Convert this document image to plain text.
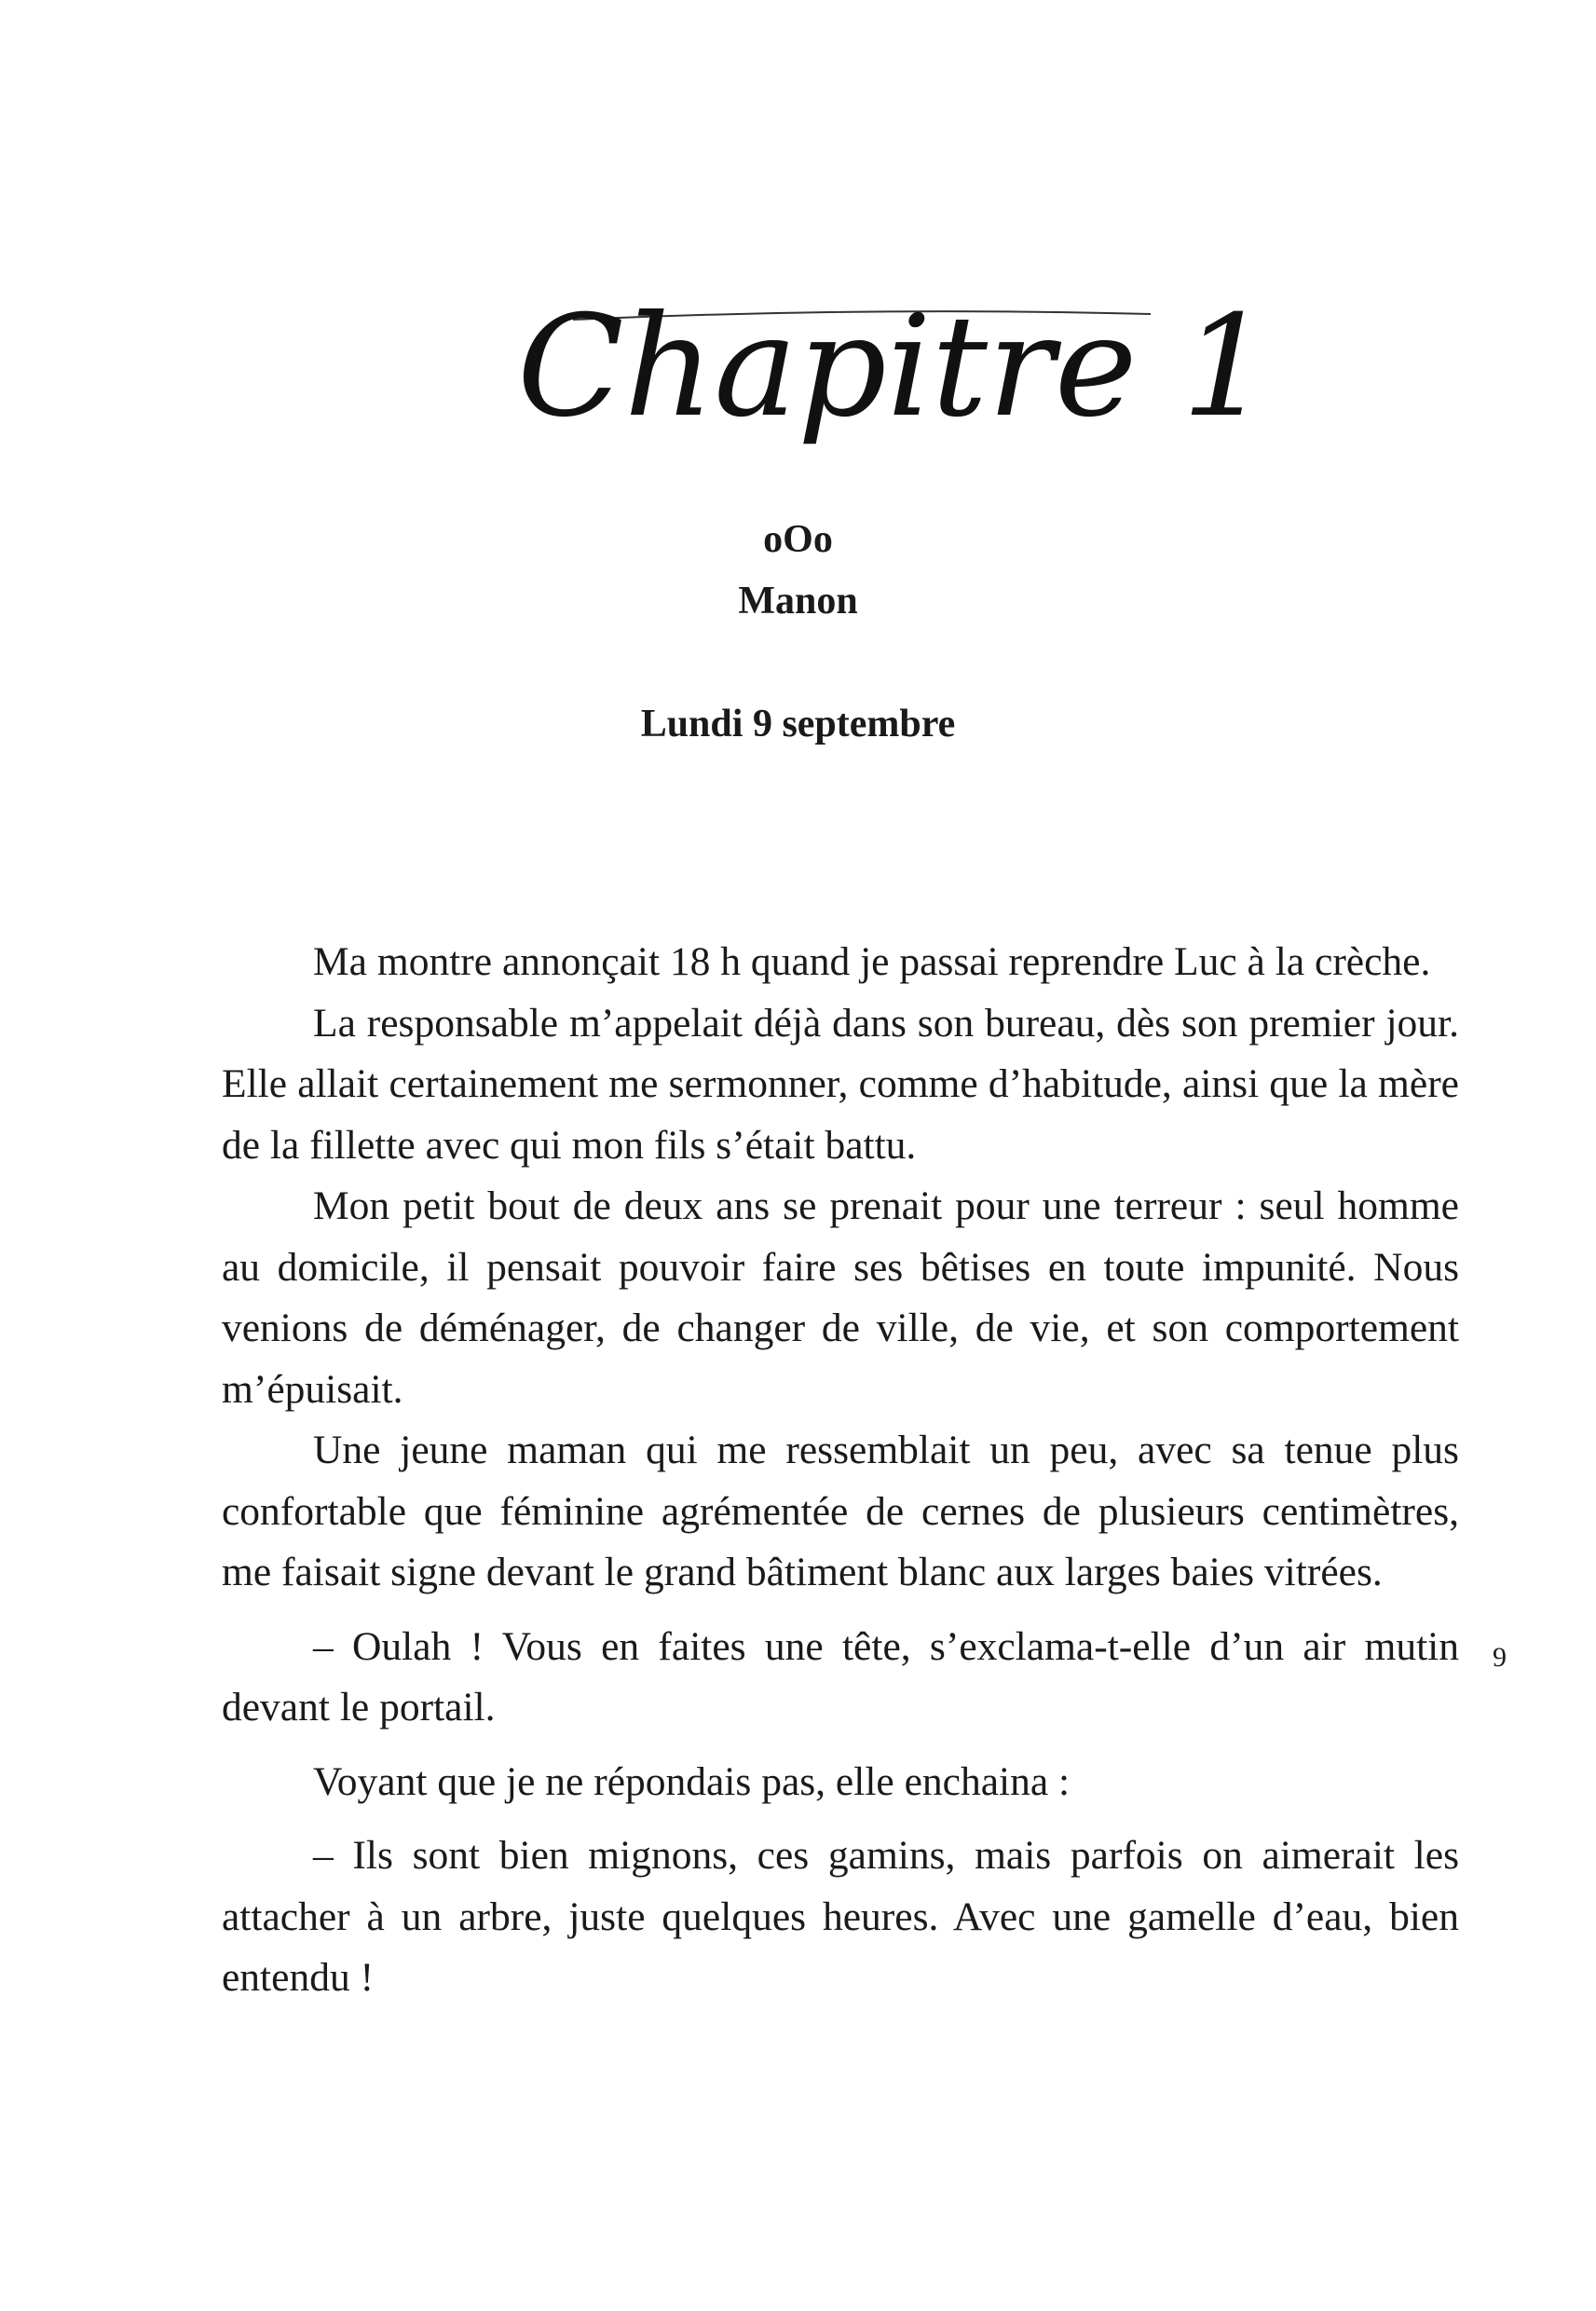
Chapitre 1
oOo
Manon
Lundi 9 septembre

Ma montre annonçait 18 h quand je passai reprendre Luc à la crèche.

La responsable m’appelait déjà dans son bureau, dès son premier jour. Elle allait certainement me sermonner, comme d’habitude, ainsi que la mère de la fillette avec qui mon fils s’était battu.

Mon petit bout de deux ans se prenait pour une terreur : seul homme au domicile, il pensait pouvoir faire ses bêtises en toute impunité. Nous venions de déménager, de changer de ville, de vie, et son comportement m’épuisait.

Une jeune maman qui me ressemblait un peu, avec sa tenue plus confortable que féminine agrémentée de cernes de plusieurs centimètres, me faisait signe devant le grand bâtiment blanc aux larges baies vitrées.

– Oulah ! Vous en faites une tête, s’exclama-t-elle d’un air mutin devant le portail.

Voyant que je ne répondais pas, elle enchaina :

– Ils sont bien mignons, ces gamins, mais parfois on aimerait les attacher à un arbre, juste quelques heures. Avec une gamelle d’eau, bien entendu !

9
